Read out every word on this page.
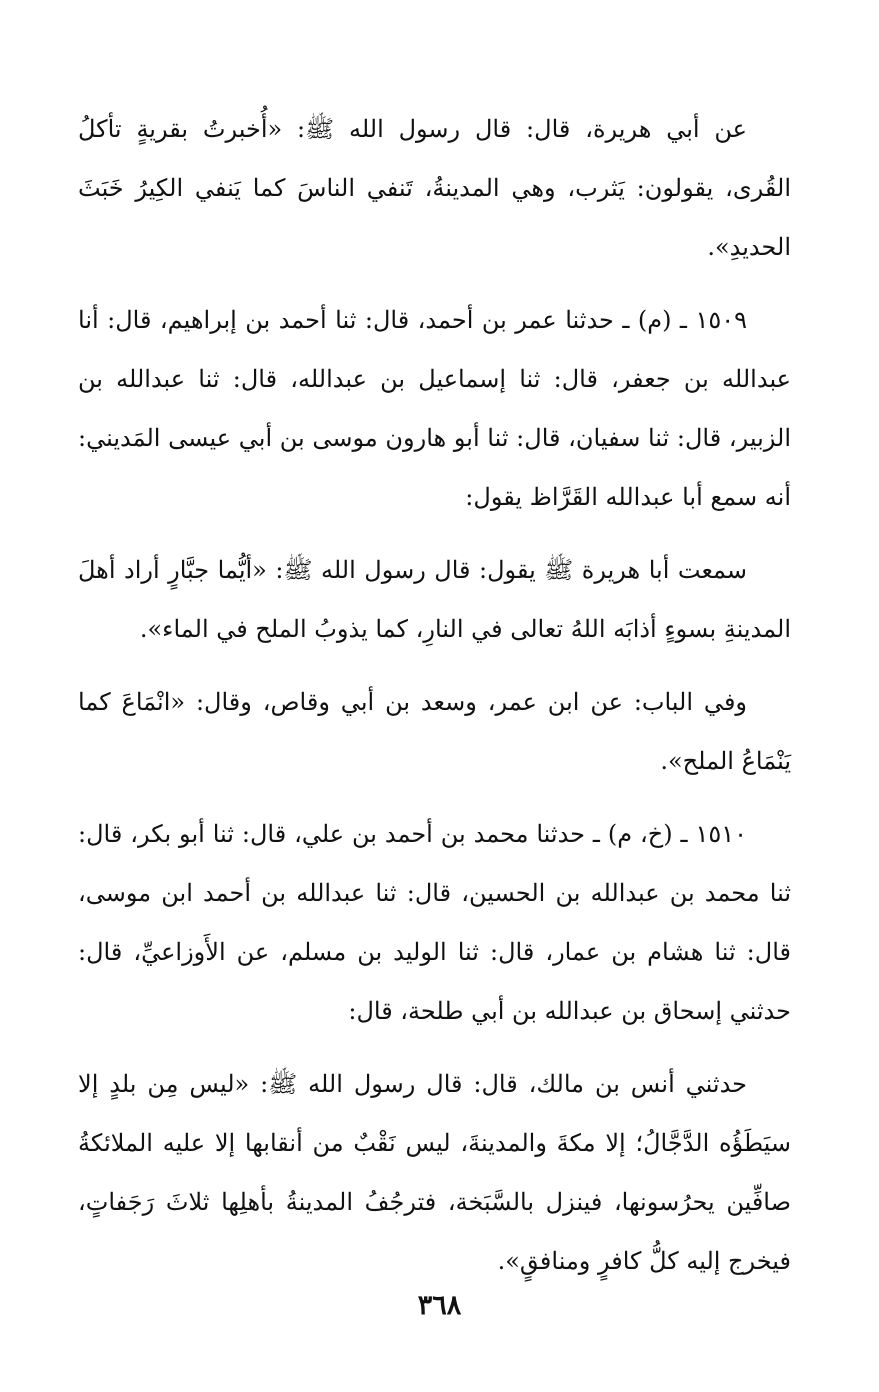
عن أبي هريرة، قال: قال رسول الله ﷺ: «أُخبرتُ بقريةٍ تأكلُ القُرى، يقولون: يَثرب، وهي المدينةُ، تَنفي الناسَ كما يَنفي الكِيرُ خَبَثَ الحديدِ».

١٥٠٩ ـ (م) ـ حدثنا عمر بن أحمد، قال: ثنا أحمد بن إبراهيم، قال: أنا عبدالله بن جعفر، قال: ثنا إسماعيل بن عبدالله، قال: ثنا عبدالله بن الزبير، قال: ثنا سفيان، قال: ثنا أبو هارون موسى بن أبي عيسى المَديني: أنه سمع أبا عبدالله القَرَّاظ يقول:

سمعت أبا هريرة ﷺ يقول: قال رسول الله ﷺ: «أيُّما جبَّارٍ أراد أهلَ المدينةِ بسوءٍ أذابَه اللهُ تعالى في النارِ، كما يذوبُ الملح في الماء».

وفي الباب: عن ابن عمر، وسعد بن أبي وقاص، وقال: «انْمَاعَ كما يَنْمَاعُ الملح».

١٥١٠ ـ (خ، م) ـ حدثنا محمد بن أحمد بن علي، قال: ثنا أبو بكر، قال: ثنا محمد بن عبدالله بن الحسين، قال: ثنا عبدالله بن أحمد ابن موسى، قال: ثنا هشام بن عمار، قال: ثنا الوليد بن مسلم، عن الأَوزاعيِّ، قال: حدثني إسحاق بن عبدالله بن أبي طلحة، قال:

حدثني أنس بن مالك، قال: قال رسول الله ﷺ: «ليس مِن بلدٍ إلا سيَطَؤُه الدَّجَّالُ؛ إلا مكةَ والمدينةَ، ليس نَقْبٌ من أنقابها إلا عليه الملائكةُ صافِّين يحرُسونها، فينزل بالسَّبَخة، فترجُفُ المدينةُ بأهلِها ثلاثَ رَجَفاتٍ، فيخرج إليه كلُّ كافرٍ ومنافقٍ».

٣٦٨
